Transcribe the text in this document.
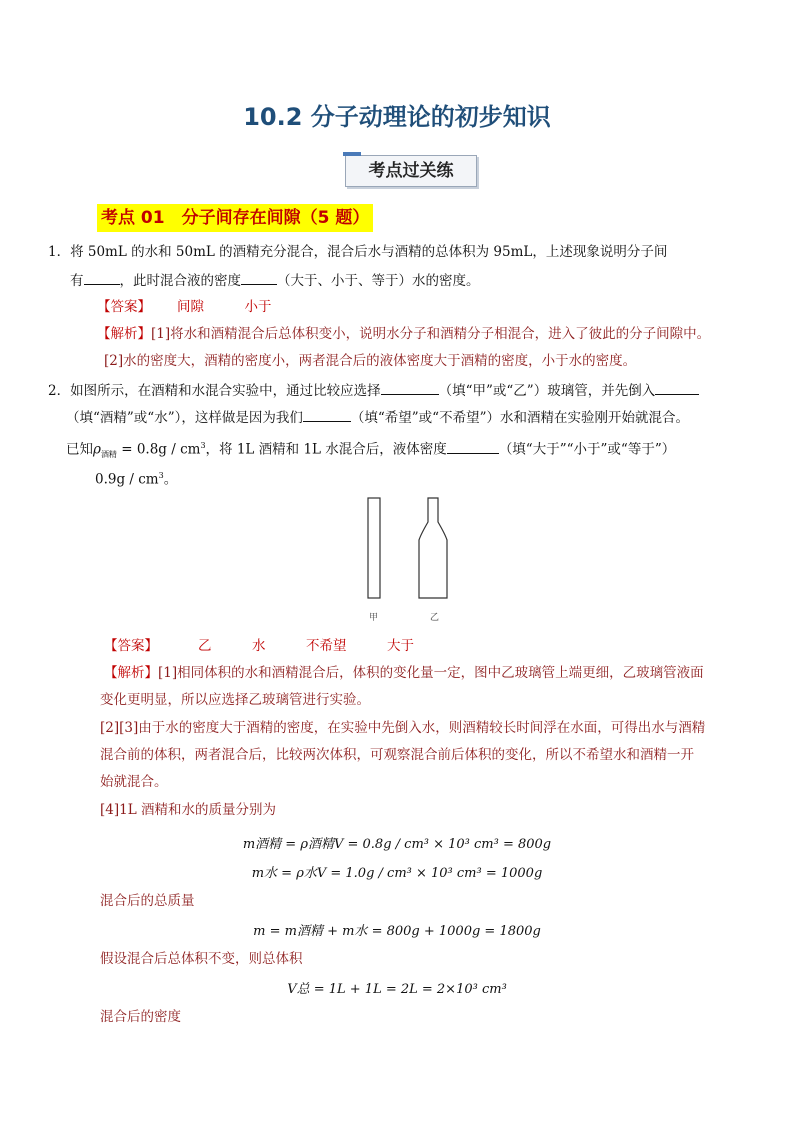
10.2 分子动理论的初步知识
考点过关练
考点 01　分子间存在间隙（5 题）
1．将 50mL 的水和 50mL 的酒精充分混合，混合后水与酒精的总体积为 95mL，上述现象说明分子间
有	，此时混合液的密度	（大于、小于、等于）水的密度。
【答案】 间隙　　　小于
【解析】[1]将水和酒精混合后总体积变小，说明水分子和酒精分子相混合，进入了彼此的分子间隙中。
[2]水的密度大，酒精的密度小，两者混合后的液体密度大于酒精的密度，小于水的密度。
2．如图所示，在酒精和水混合实验中，通过比较应选择	（填“甲”或“乙”）玻璃管，并先倒入
（填“酒精”或“水”），这样做是因为我们	（填“希望”或“不希望”）水和酒精在实验刚开始就混合。
已知$\rho_{酒精} = 0.8g / cm^3$，将 1L 酒精和 1L 水混合后，液体密度	（填“大于”“小于”或“等于”）
$0.9g / cm^3$。
甲	乙
【答案】	乙　　　水　　　不希望　　　大于
【解析】[1]相同体积的水和酒精混合后，体积的变化量一定，图中乙玻璃管上端更细，乙玻璃管液面
变化更明显，所以应选择乙玻璃管进行实验。
[2][3]由于水的密度大于酒精的密度，在实验中先倒入水，则酒精较长时间浮在水面，可得出水与酒精
混合前的体积，两者混合后，比较两次体积，可观察混合前后体积的变化，所以不希望水和酒精一开
始就混合。
[4]1L 酒精和水的质量分别为
m酒精 = ρ酒精V = 0.8g / cm³ × 10³ cm³ = 800g
m水 = ρ水V = 1.0g / cm³ × 10³ cm³ = 1000g
混合后的总质量
m = m酒精 + m水 = 800g + 1000g = 1800g
假设混合后总体积不变，则总体积
V总 = 1L + 1L = 2L = 2×10³ cm³
混合后的密度
